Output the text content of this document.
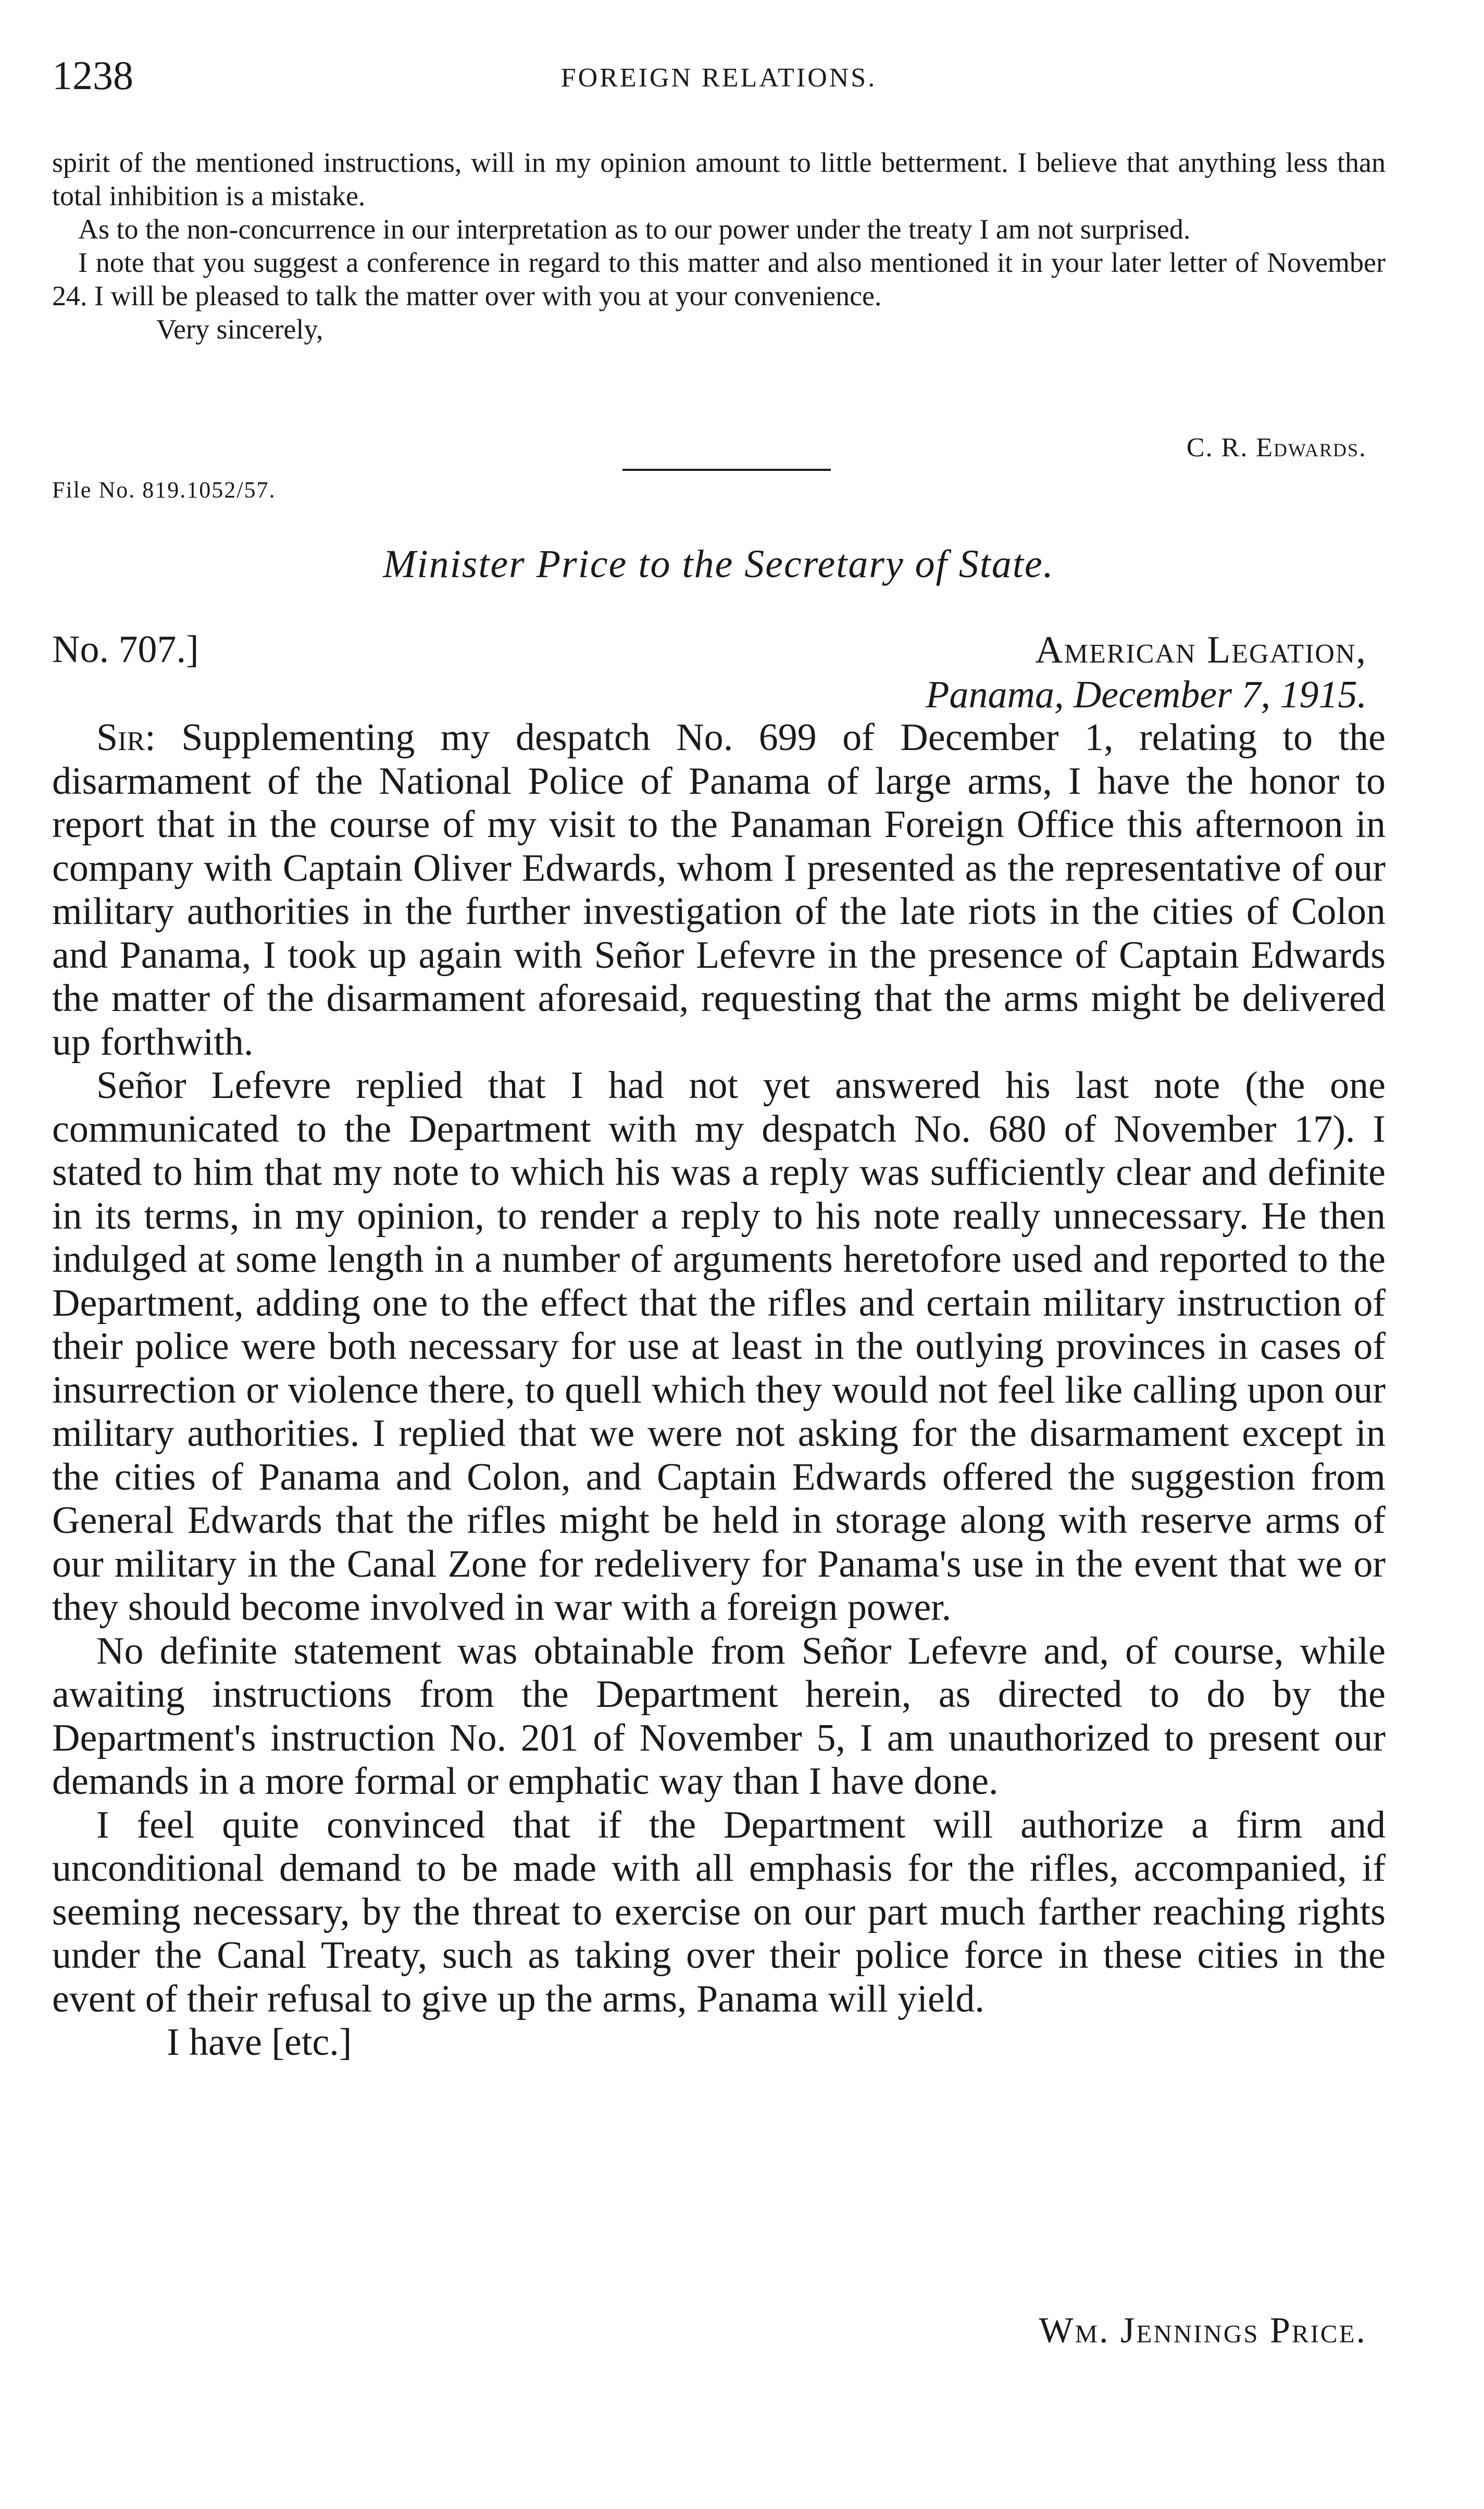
1238	FOREIGN RELATIONS.

spirit of the mentioned instructions, will in my opinion amount to little betterment. I believe that anything less than total inhibition is a mistake.

As to the non-concurrence in our interpretation as to our power under the treaty I am not surprised.

I note that you suggest a conference in regard to this matter and also mentioned it in your later letter of November 24. I will be pleased to talk the matter over with you at your convenience.

Very sincerely,

C. R. Edwards.
File No. 819.1052/57.
Minister Price to the Secretary of State.
No. 707.]	American Legation,
Panama, December 7, 1915.

Sir: Supplementing my despatch No. 699 of December 1, relating to the disarmament of the National Police of Panama of large arms, I have the honor to report that in the course of my visit to the Panaman Foreign Office this afternoon in company with Captain Oliver Edwards, whom I presented as the representative of our military authorities in the further investigation of the late riots in the cities of Colon and Panama, I took up again with Señor Lefevre in the presence of Captain Edwards the matter of the disarmament aforesaid, requesting that the arms might be delivered up forthwith.

Señor Lefevre replied that I had not yet answered his last note (the one communicated to the Department with my despatch No. 680 of November 17). I stated to him that my note to which his was a reply was sufficiently clear and definite in its terms, in my opinion, to render a reply to his note really unnecessary. He then indulged at some length in a number of arguments heretofore used and reported to the Department, adding one to the effect that the rifles and certain military instruction of their police were both necessary for use at least in the outlying provinces in cases of insurrection or violence there, to quell which they would not feel like calling upon our military authorities. I replied that we were not asking for the disarmament except in the cities of Panama and Colon, and Captain Edwards offered the suggestion from General Edwards that the rifles might be held in storage along with reserve arms of our military in the Canal Zone for redelivery for Panama's use in the event that we or they should become involved in war with a foreign power.

No definite statement was obtainable from Señor Lefevre and, of course, while awaiting instructions from the Department herein, as directed to do by the Department's instruction No. 201 of November 5, I am unauthorized to present our demands in a more formal or emphatic way than I have done.

I feel quite convinced that if the Department will authorize a firm and unconditional demand to be made with all emphasis for the rifles, accompanied, if seeming necessary, by the threat to exercise on our part much farther reaching rights under the Canal Treaty, such as taking over their police force in these cities in the event of their refusal to give up the arms, Panama will yield.

I have [etc.]

Wm. Jennings Price.
